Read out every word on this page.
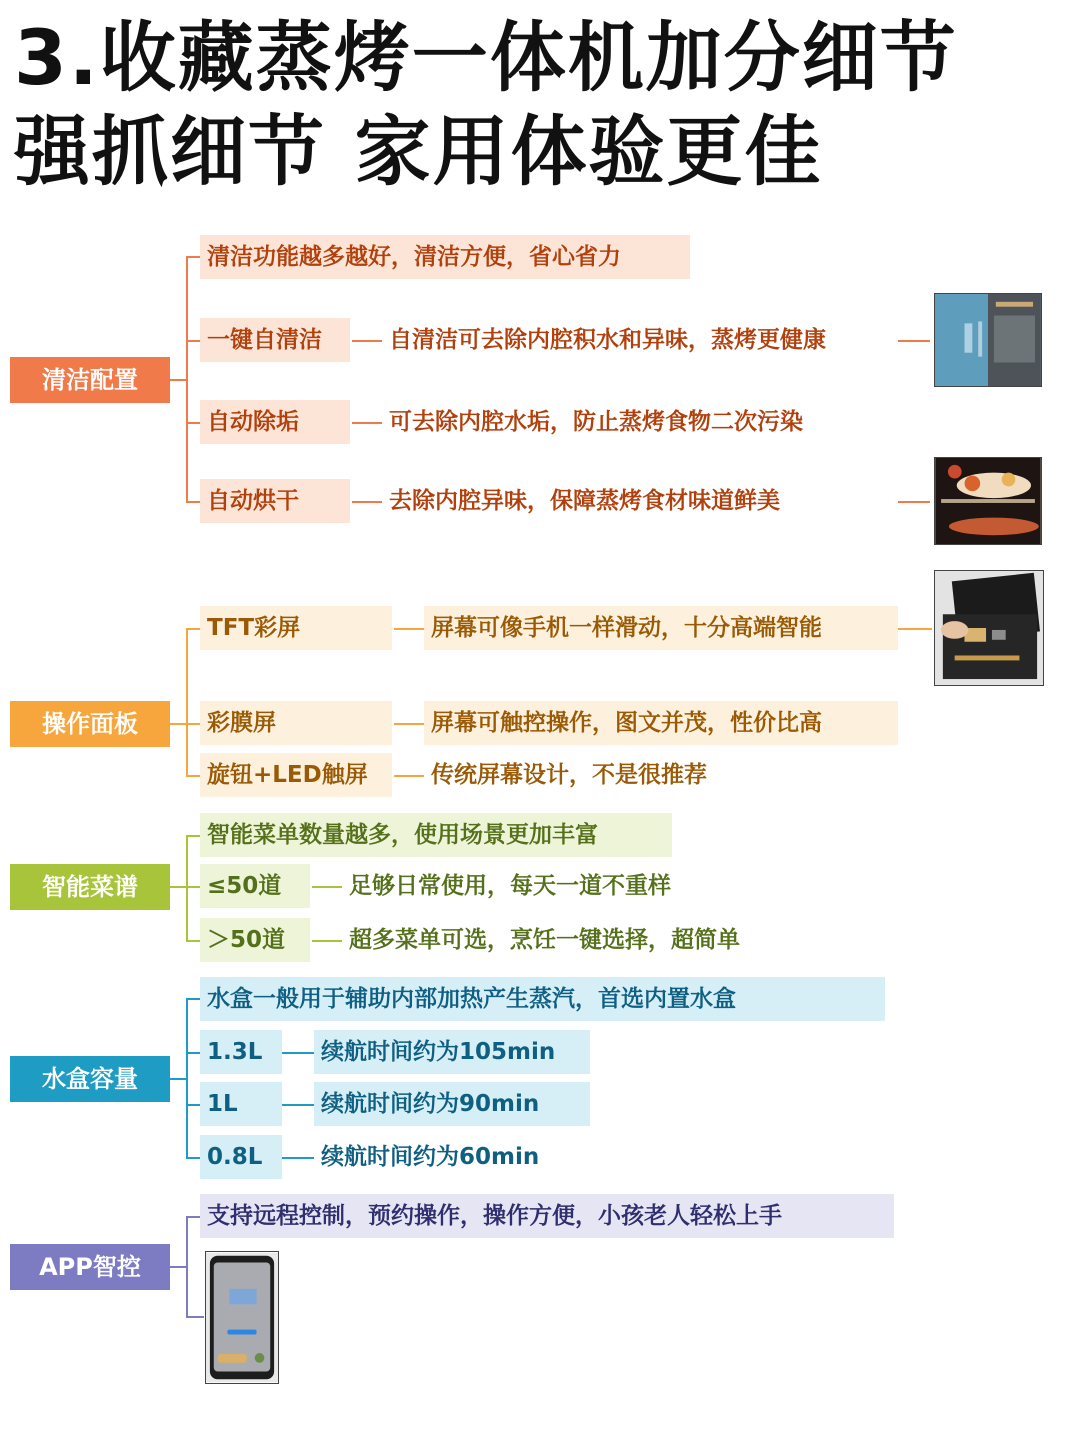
3.收藏蒸烤一体机加分细节
强抓细节 家用体验更佳
清洁配置
清洁功能越多越好，清洁方便，省心省力
一键自清洁	自清洁可去除内腔积水和异味，蒸烤更健康
自动除垢	可去除内腔水垢，防止蒸烤食物二次污染
自动烘干	去除内腔异味，保障蒸烤食材味道鲜美
操作面板
TFT彩屏	屏幕可像手机一样滑动，十分高端智能
彩膜屏	屏幕可触控操作，图文并茂，性价比高
旋钮+LED触屏	传统屏幕设计，不是很推荐
智能菜谱
智能菜单数量越多，使用场景更加丰富
≤50道	足够日常使用，每天一道不重样
＞50道	超多菜单可选，烹饪一键选择，超简单
水盒容量
水盒一般用于辅助内部加热产生蒸汽，首选内置水盒
1.3L	续航时间约为105min
1L	续航时间约为90min
0.8L	续航时间约为60min
APP智控
支持远程控制，预约操作，操作方便，小孩老人轻松上手
